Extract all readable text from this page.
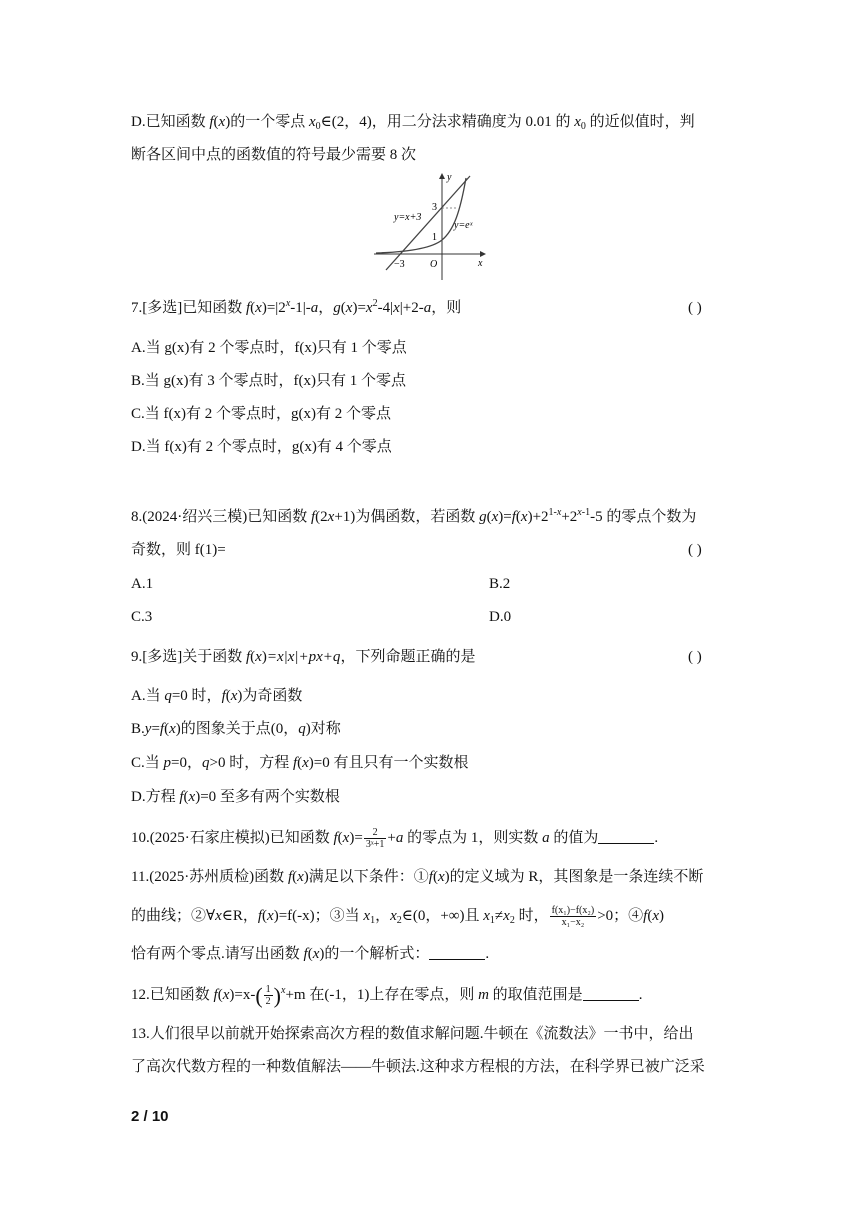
D.已知函数 f(x)的一个零点 $x_0\in(2$，4)，用二分法求精确度为 0.01 的 $x_0$ 的近似值时，判
断各区间中点的函数值的符号最少需要 8 次
y=x+3
y=eˣ
y
x
O
3
1
−3
7.[多选]已知函数 $f(x)=|2^x-1|-a$，$g(x)=x^2-4|x|+2-a$，则	( )
A.当 g(x)有 2 个零点时，f(x)只有 1 个零点
B.当 g(x)有 3 个零点时，f(x)只有 1 个零点
C.当 f(x)有 2 个零点时，g(x)有 2 个零点
D.当 f(x)有 2 个零点时，g(x)有 4 个零点
8.(2024·绍兴三模)已知函数 f(2x+1)为偶函数，若函数 $g(x)=f(x)+2^{1-x}+2^{x-1}-5$ 的零点个数为
奇数，则 f(1)=	( )
A.1	B.2
C.3	D.0
9.[多选]关于函数 f(x)=x|x|+px+q，下列命题正确的是	( )
A.当 q=0 时，f(x)为奇函数
B.y=f(x)的图象关于点(0，q)对称
C.当 p=0，q>0 时，方程 f(x)=0 有且只有一个实数根
D.方程 f(x)=0 至多有两个实数根
10.(2025·石家庄模拟)已知函数 $f(x)= \frac{2}{\text{3ˣ+1}} +a$ 的零点为 1，则实数 a 的值为	.
11.(2025·苏州质检)函数 f(x)满足以下条件：①f(x)的定义域为 R，其图象是一条连续不断
的曲线；②∀x∈R，f(x)=f(-x)；③当 $x_1$，$x_2\in(0$，+∞)且 $x_1\ne x_2$ 时， $\frac{\text{f(x₁)−f(x₂)}}{\text{x₁−x₂}} >0$；④f(x)
恰有两个零点.请写出函数 f(x)的一个解析式：	.
12.已知函数 $f(x)=x-( \frac{1}{2} )^x+m$ 在(-1，1)上存在零点，则 m 的取值范围是	.
13.人们很早以前就开始探索高次方程的数值求解问题.牛顿在《流数法》一书中，给出
了高次代数方程的一种数值解法——牛顿法.这种求方程根的方法，在科学界已被广泛采
2 / 10
